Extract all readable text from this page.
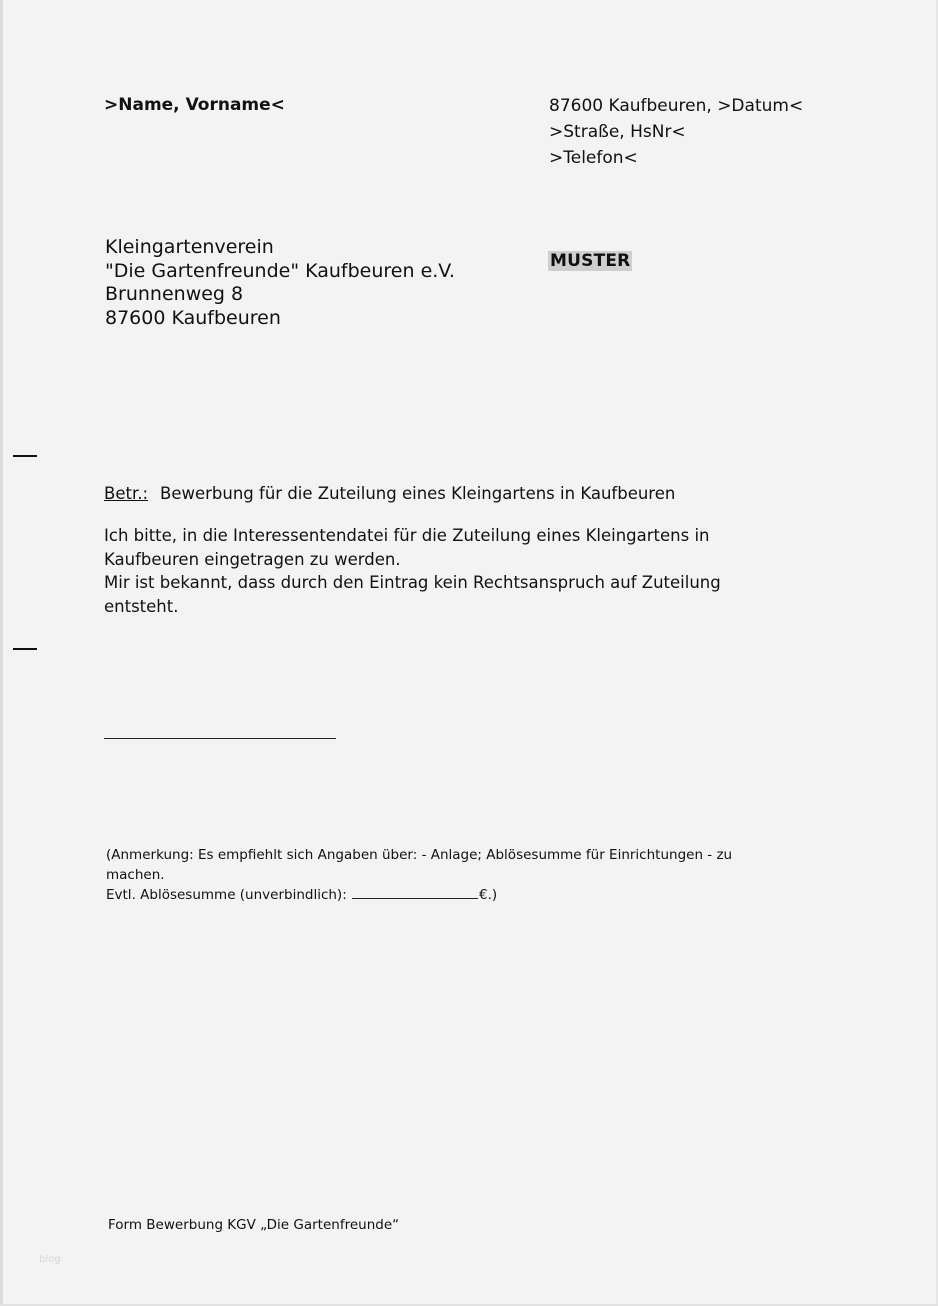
>Name, Vorname<	87600 Kaufbeuren, >Datum<
>Straße, HsNr<
>Telefon<
Kleingartenverein
"Die Gartenfreunde" Kaufbeuren e.V.
Brunnenweg 8
87600 Kaufbeuren
MUSTER
Betr.: Bewerbung für die Zuteilung eines Kleingartens in Kaufbeuren
Ich bitte, in die Interessentendatei für die Zuteilung eines Kleingartens in
Kaufbeuren eingetragen zu werden.
Mir ist bekannt, dass durch den Eintrag kein Rechtsanspruch auf Zuteilung
entsteht.
(Anmerkung: Es empfiehlt sich Angaben über: - Anlage; Ablösesumme für Einrichtungen - zu
machen.
Evtl. Ablösesumme (unverbindlich):	€.)
Form Bewerbung KGV „Die Gartenfreunde“
blog
